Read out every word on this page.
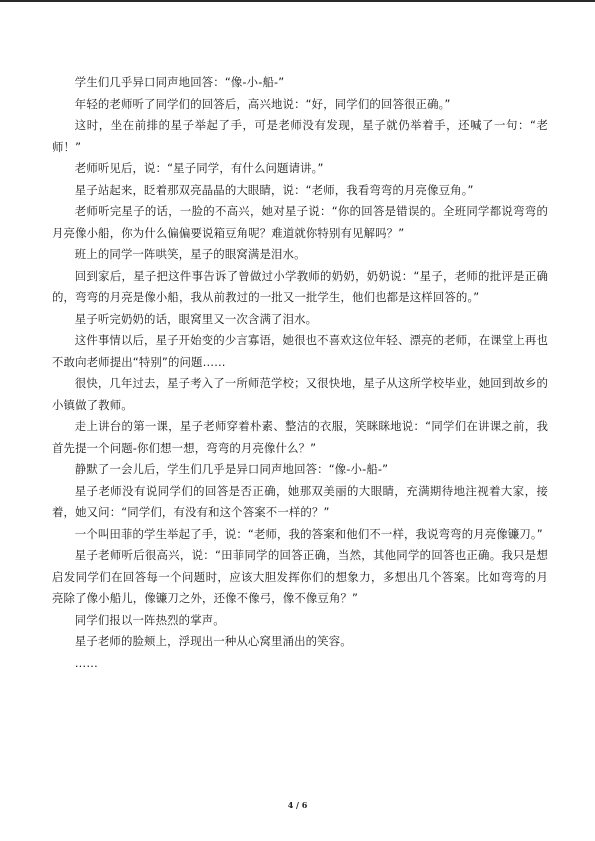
学生们几乎异口同声地回答：“像-小-船-”

年轻的老师听了同学们的回答后，高兴地说：“好，同学们的回答很正确。”

这时，坐在前排的星子举起了手，可是老师没有发现，星子就仍举着手，还喊了一句：“老师！”

老师听见后，说：“星子同学，有什么问题请讲。”

星子站起来，眨着那双亮晶晶的大眼睛，说：“老师，我看弯弯的月亮像豆角。”

老师听完星子的话，一脸的不高兴，她对星子说：“你的回答是错误的。全班同学都说弯弯的月亮像小船，你为什么偏偏要说箱豆角呢？难道就你特别有见解吗？”

班上的同学一阵哄笑，星子的眼窝满是泪水。

回到家后，星子把这件事告诉了曾做过小学教师的奶奶，奶奶说：“星子，老师的批评是正确的，弯弯的月亮是像小船，我从前教过的一批又一批学生，他们也都是这样回答的。”

星子听完奶奶的话，眼窝里又一次含满了泪水。

这件事情以后，星子开始变的少言寡语，她很也不喜欢这位年轻、漂亮的老师，在课堂上再也不敢向老师提出“特别”的问题……

很快，几年过去，星子考入了一所师范学校；又很快地，星子从这所学校毕业，她回到故乡的小镇做了教师。

走上讲台的第一课，星子老师穿着朴素、整洁的衣服，笑眯眯地说：“同学们在讲课之前，我首先提一个问题-你们想一想，弯弯的月亮像什么？”

静默了一会儿后，学生们几乎是异口同声地回答：“像-小-船-”

星子老师没有说同学们的回答是否正确，她那双美丽的大眼睛，充满期待地注视着大家，接着，她又问：“同学们，有没有和这个答案不一样的？”

一个叫田菲的学生举起了手，说：“老师，我的答案和他们不一样，我说弯弯的月亮像镰刀。”

星子老师听后很高兴，说：“田菲同学的回答正确，当然，其他同学的回答也正确。我只是想启发同学们在回答每一个问题时，应该大胆发挥你们的想象力，多想出几个答案。比如弯弯的月亮除了像小船儿，像镰刀之外，还像不像弓，像不像豆角？”

同学们报以一阵热烈的掌声。

星子老师的脸颊上，浮现出一种从心窝里涌出的笑容。

……

4 / 6
